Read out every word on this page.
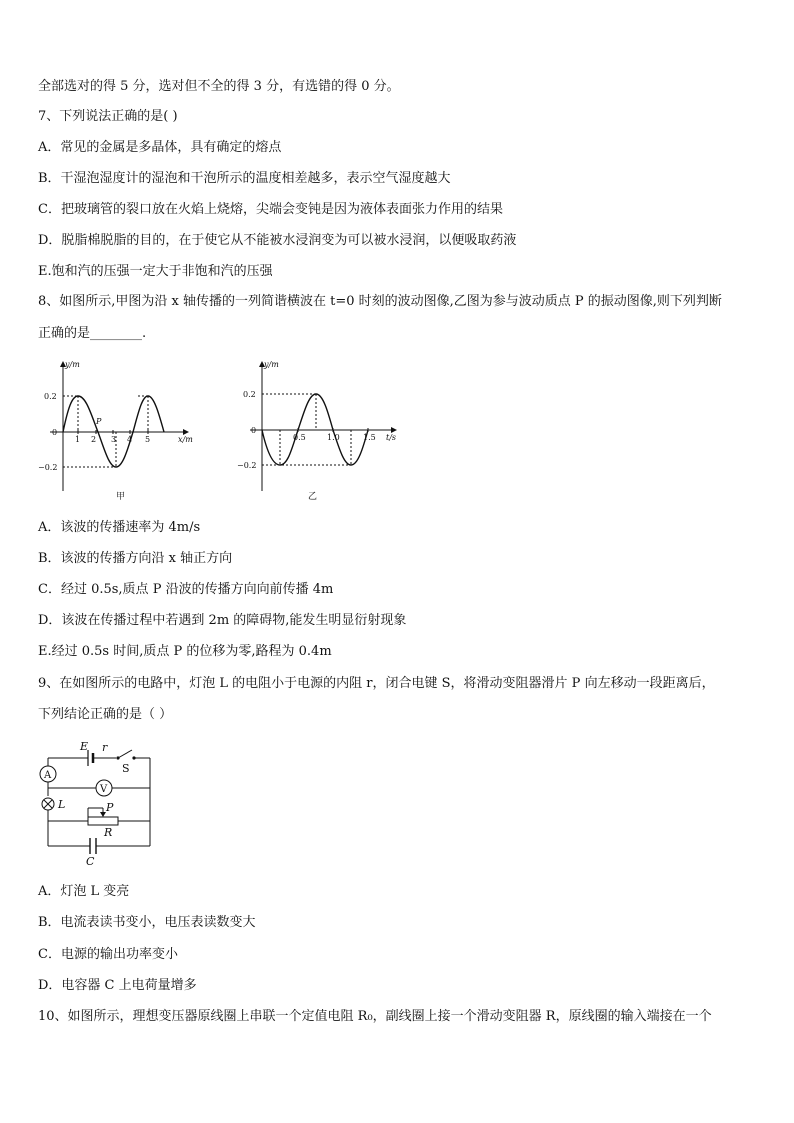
全部选对的得 5 分，选对但不全的得 3 分，有选错的得 0 分。
7、下列说法正确的是( )
A．常见的金属是多晶体，具有确定的熔点
B．干湿泡湿度计的湿泡和干泡所示的温度相差越多，表示空气湿度越大
C．把玻璃管的裂口放在火焰上烧熔，尖端会变钝是因为液体表面张力作用的结果
D．脱脂棉脱脂的目的，在于使它从不能被水浸润变为可以被水浸润，以便吸取药液
E.饱和汽的压强一定大于非饱和汽的压强
8、如图所示,甲图为沿 x 轴传播的一列简谐横波在 t=0 时刻的波动图像,乙图为参与波动质点 P 的振动图像,则下列判断
正确的是________.
y/m
x/m
0.2
0
−0.2
1 2 3 4 5
P
甲
y/m
t/s
0.2
0
−0.2
0.5	1.0	1.5
乙
A．该波的传播速率为 4m/s
B．该波的传播方向沿 x 轴正方向
C．经过 0.5s,质点 P 沿波的传播方向向前传播 4m
D．该波在传播过程中若遇到 2m 的障碍物,能发生明显衍射现象
E.经过 0.5s 时间,质点 P 的位移为零,路程为 0.4m
9、在如图所示的电路中，灯泡 L 的电阻小于电源的内阻 r，闭合电键 S，将滑动变阻器滑片 P 向左移动一段距离后，
下列结论正确的是（ ）
E r
S
A
L
V
P
R
C
A．灯泡 L 变亮
B．电流表读书变小，电压表读数变大
C．电源的输出功率变小
D．电容器 C 上电荷量增多
10、如图所示，理想变压器原线圈上串联一个定值电阻 R₀，副线圈上接一个滑动变阻器 R，原线圈的输入端接在一个
